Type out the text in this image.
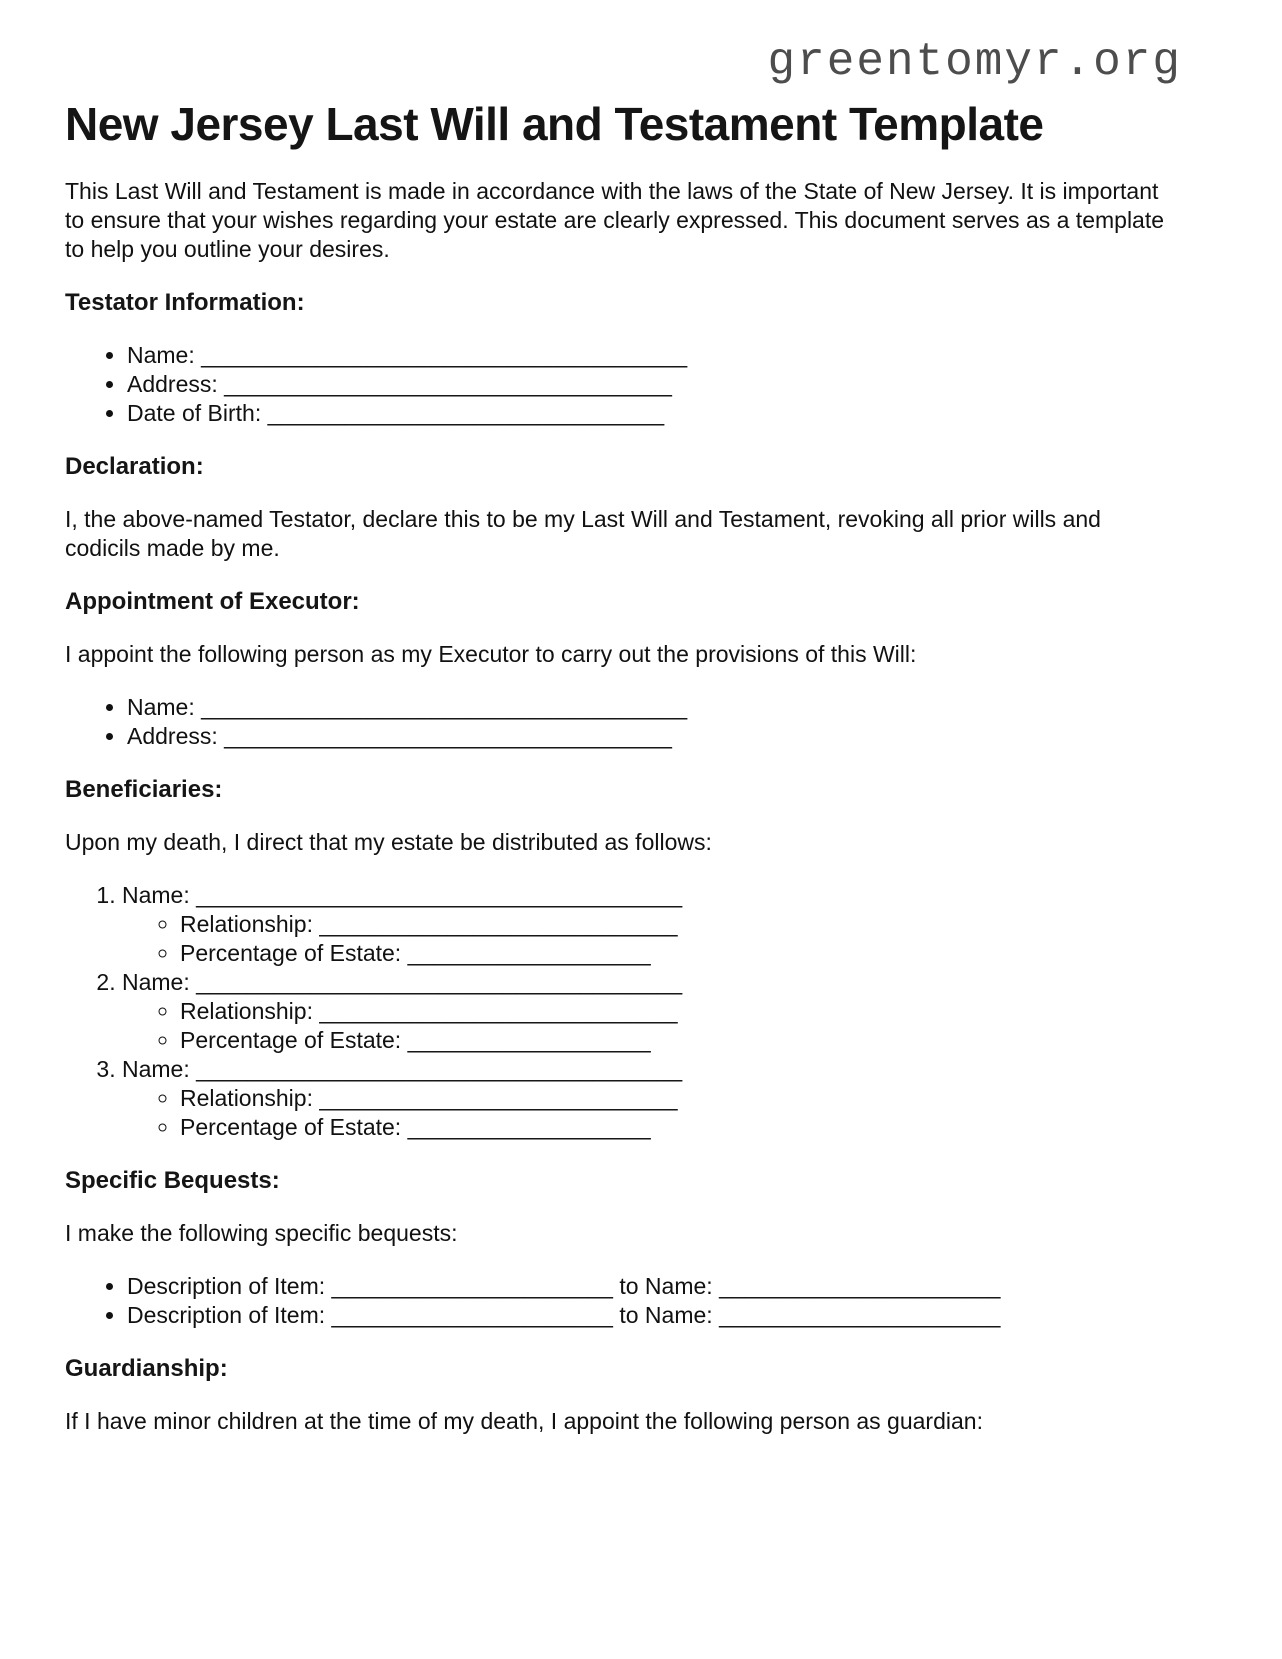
greentomyr.org
New Jersey Last Will and Testament Template

This Last Will and Testament is made in accordance with the laws of the State of New Jersey. It is important to ensure that your wishes regarding your estate are clearly expressed. This document serves as a template to help you outline your desires.

Testator Information:
• Name: ______________________________________
• Address: ___________________________________
• Date of Birth: _______________________________
Declaration:

I, the above-named Testator, declare this to be my Last Will and Testament, revoking all prior wills and codicils made by me.

Appointment of Executor:

I appoint the following person as my Executor to carry out the provisions of this Will:

• Name: ______________________________________
• Address: ___________________________________
Beneficiaries:

Upon my death, I direct that my estate be distributed as follows:

1. Name: ______________________________________
◦ Relationship: ____________________________
◦ Percentage of Estate: ___________________
2. Name: ______________________________________
◦ Relationship: ____________________________
◦ Percentage of Estate: ___________________
3. Name: ______________________________________
◦ Relationship: ____________________________
◦ Percentage of Estate: ___________________
Specific Bequests:

I make the following specific bequests:

• Description of Item: ______________________ to Name: ______________________
• Description of Item: ______________________ to Name: ______________________
Guardianship:

If I have minor children at the time of my death, I appoint the following person as guardian:
